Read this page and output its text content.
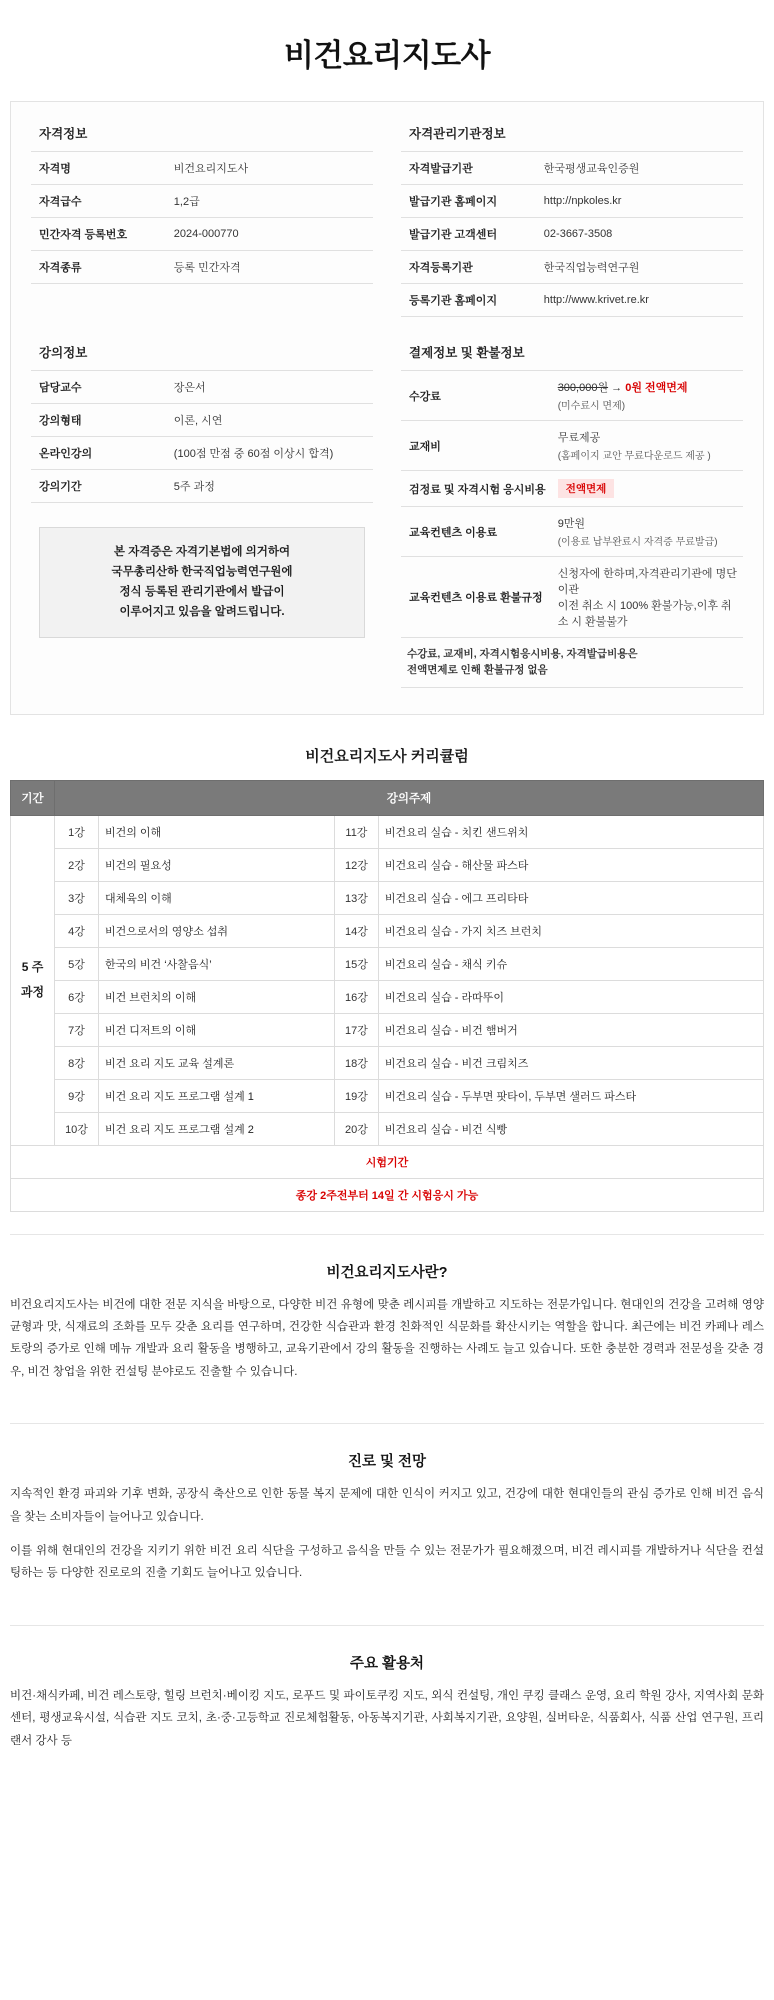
비건요리지도사
자격정보
자격명	비건요리지도사
자격급수	1,2급
민간자격 등록번호	2024-000770
자격종류	등록 민간자격
자격관리기관정보
자격발급기관	한국평생교육인증원
발급기관 홈페이지	http://npkoles.kr
발급기관 고객센터	02-3667-3508
자격등록기관	한국직업능력연구원
등록기관 홈페이지	http://www.krivet.re.kr
강의정보
담당교수	장은서
강의형태	이론, 시연
온라인강의	(100점 만점 중 60점 이상시 합격)
강의기간	5주 과정
본 자격증은 자격기본법에 의거하여
국무총리산하 한국직업능력연구원에
정식 등록된 관리기관에서 발급이
이루어지고 있음을 알려드립니다.
결제정보 및 환불정보
수강료	300,000원 → 0원 전액면제
(미수료시 면제)

교재비	무료제공
(홈페이지 교안 무료다운로드 제공 )

검정료 및 자격시험 응시비용	전액면제
교육컨텐츠 이용료	9만원
(이용료 납부완료시 자격증 무료발급)

교육컨텐츠 이용료 환불규정	신청자에 한하며,자격관리기관에 명단이관
이전 취소 시 100% 환불가능,이후 취소 시 환불불가

수강료, 교재비, 자격시험응시비용, 자격발급비용은
전액면제로 인해 환불규정 없음	
비건요리지도사 커리큘럼
기간	강의주제			
5 주 과정	1강	비건의 이해	11강	비건요리 실습 - 치킨 샌드위치
	2강	비건의 필요성	12강	비건요리 실습 - 해산물 파스타
	3강	대체육의 이해	13강	비건요리 실습 - 에그 프리타타
	4강	비건으로서의 영양소 섭취	14강	비건요리 실습 - 가지 치즈 브런치
	5강	한국의 비건 ‘사찰음식’	15강	비건요리 실습 - 채식 키슈
	6강	비건 브런치의 이해	16강	비건요리 실습 - 라따뚜이
	7강	비건 디저트의 이해	17강	비건요리 실습 - 비건 햄버거
	8강	비건 요리 지도 교육 설계론	18강	비건요리 실습 - 비건 크림치즈
	9강	비건 요리 지도 프로그램 설계 1	19강	비건요리 실습 - 두부면 팟타이, 두부면 샐러드 파스타
	10강	비건 요리 지도 프로그램 설계 2	20강	비건요리 실습 - 비건 식빵
시험기간				
종강 2주전부터 14일 간 시험응시 가능				
비건요리지도사란?

비건요리지도사는 비건에 대한 전문 지식을 바탕으로, 다양한 비건 유형에 맞춘 레시피를 개발하고 지도하는 전문가입니다. 현대인의 건강을 고려해 영양 균형과 맛, 식재료의 조화를 모두 갖춘 요리를 연구하며, 건강한 식습관과 환경 친화적인 식문화를 확산시키는 역할을 합니다. 최근에는 비건 카페나 레스토랑의 증가로 인해 메뉴 개발과 요리 활동을 병행하고, 교육기관에서 강의 활동을 진행하는 사례도 늘고 있습니다. 또한 충분한 경력과 전문성을 갖춘 경우, 비건 창업을 위한 컨설팅 분야로도 진출할 수 있습니다.

진로 및 전망

지속적인 환경 파괴와 기후 변화, 공장식 축산으로 인한 동물 복지 문제에 대한 인식이 커지고 있고, 건강에 대한 현대인들의 관심 증가로 인해 비건 음식을 찾는 소비자들이 늘어나고 있습니다.

이를 위해 현대인의 건강을 지키기 위한 비건 요리 식단을 구성하고 음식을 만들 수 있는 전문가가 필요해졌으며, 비건 레시피를 개발하거나 식단을 컨설팅하는 등 다양한 진로로의 진출 기회도 늘어나고 있습니다.

주요 활용처

비건·채식카페, 비건 레스토랑, 힐링 브런치·베이킹 지도, 로푸드 및 파이토쿠킹 지도, 외식 컨설팅, 개인 쿠킹 클래스 운영, 요리 학원 강사, 지역사회 문화센터, 평생교육시설, 식습관 지도 코치, 초·중·고등학교 진로체험활동, 아동복지기관, 사회복지기관, 요양원, 실버타운, 식품회사, 식품 산업 연구원, 프리랜서 강사 등
